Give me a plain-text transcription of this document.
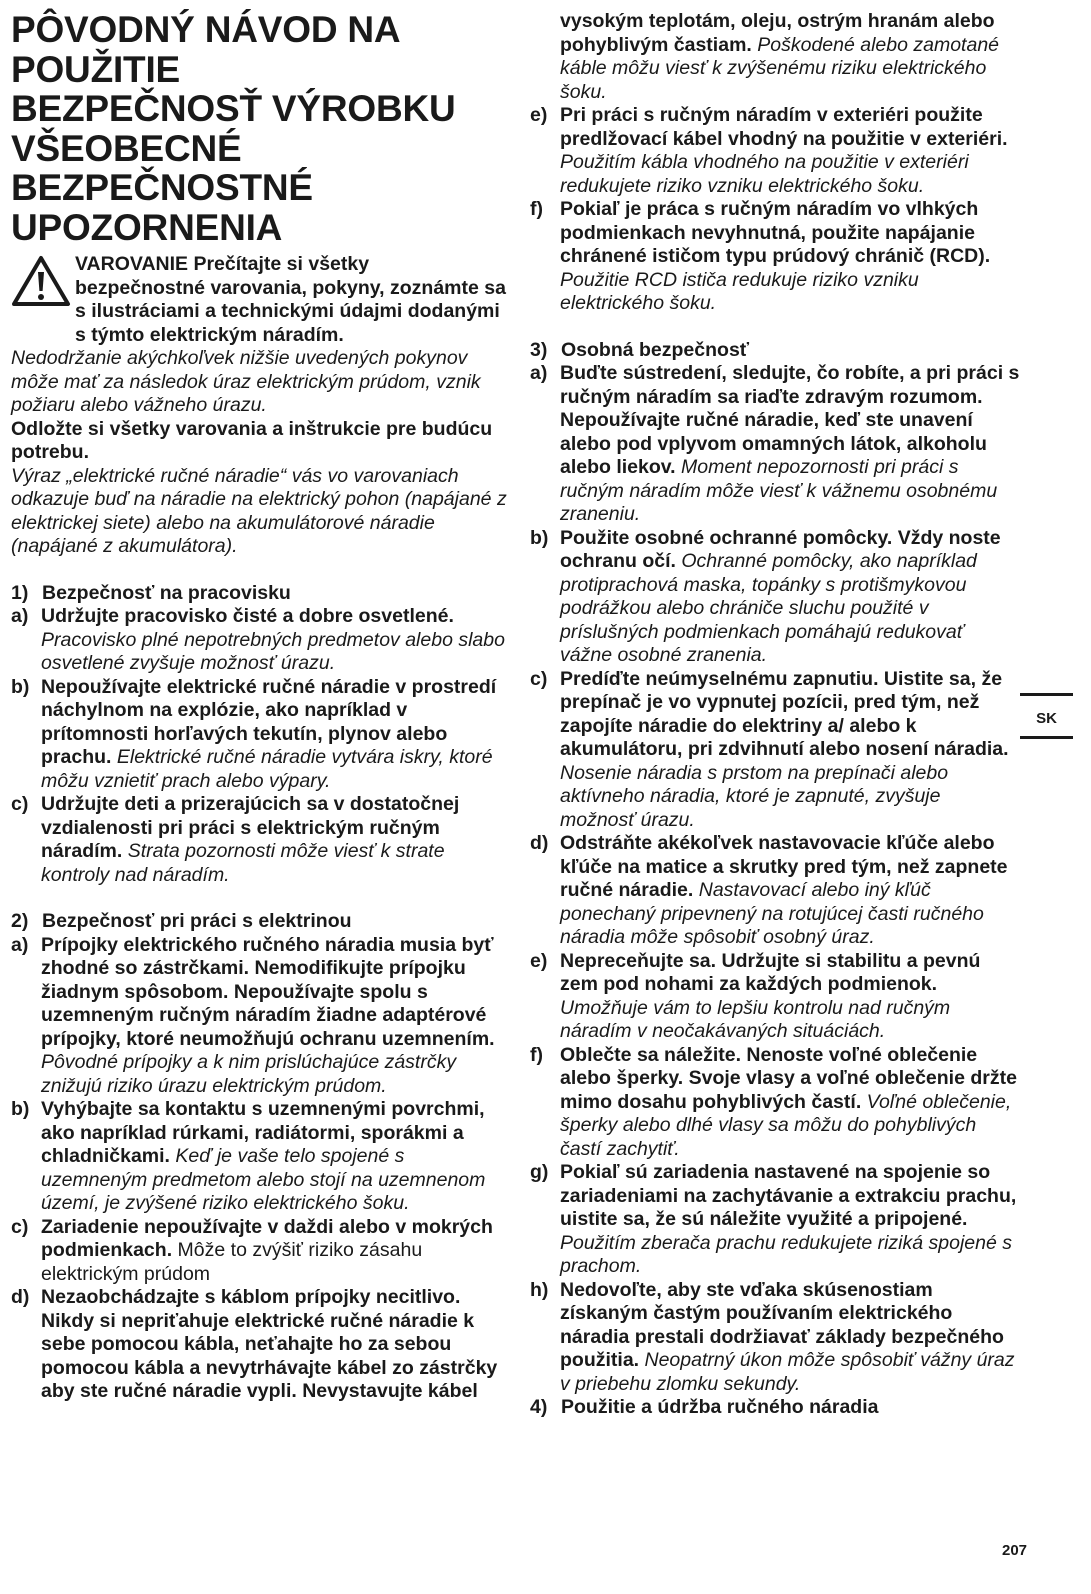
PÔVODNÝ NÁVOD NA
POUŽITIE
BEZPEČNOSŤ VÝROBKU
VŠEOBECNÉ
BEZPEČNOSTNÉ
UPOZORNENIA
VAROVANIE Prečítajte si všetky
bezpečnostné varovania, pokyny, zoznámte sa s ilustráciami a technickými údajmi dodanými s týmto elektrickým náradím.

Nedodržanie akýchkoľvek nižšie uvedených pokynov môže mať za následok úraz elektrickým prúdom, vznik požiaru alebo vážneho úrazu.

Odložte si všetky varovania a inštrukcie pre budúcu potrebu.

Výraz „elektrické ručné náradie“ vás vo varovaniach odkazuje buď na náradie na elektrický pohon (napájané z elektrickej siete) alebo na akumulátorové náradie (napájané z akumulátora).

1) Bezpečnosť na pracovisku
a) Udržujte pracovisko čisté a dobre osvetlené. Pracovisko plné nepotrebných predmetov alebo slabo osvetlené zvyšuje možnosť úrazu.
b) Nepoužívajte elektrické ručné náradie v prostredí náchylnom na explózie, ako napríklad v prítomnosti horľavých tekutín, plynov alebo prachu. Elektrické ručné náradie vytvára iskry, ktoré môžu vznietiť prach alebo výpary.
c) Udržujte deti a prizerajúcich sa v dostatočnej vzdialenosti pri práci s elektrickým ručným náradím. Strata pozornosti môže viesť k strate kontroly nad náradím.
2) Bezpečnosť pri práci s elektrinou
a) Prípojky elektrického ručného náradia musia byť zhodné so zástrčkami. Nemodifikujte prípojku žiadnym spôsobom. Nepoužívajte spolu s uzemneným ručným náradím žiadne adaptérové prípojky, ktoré neumožňujú ochranu uzemnením. Pôvodné prípojky a k nim prislúchajúce zástrčky znižujú riziko úrazu elektrickým prúdom.
b) Vyhýbajte sa kontaktu s uzemnenými povrchmi, ako napríklad rúrkami, radiátormi, sporákmi a chladničkami. Keď je vaše telo spojené s uzemneným predmetom alebo stojí na uzemnenom území, je zvýšené riziko elektrického šoku.
c) Zariadenie nepoužívajte v daždi alebo v mokrých podmienkach. Môže to zvýšiť riziko zásahu elektrickým prúdom
d) Nezaobchádzajte s káblom prípojky necitlivo. Nikdy si nepriťahuje elektrické ručné náradie k sebe pomocou kábla, neťahajte ho za sebou pomocou kábla a nevytrhávajte kábel zo zástrčky aby ste ručné náradie vypli. Nevystavujte kábel
vysokým teplotám, oleju, ostrým hranám alebo pohyblivým častiam. Poškodené alebo zamotané káble môžu viesť k zvýšenému riziku elektrického šoku.
e) Pri práci s ručným náradím v exteriéri použite predlžovací kábel vhodný na použitie v exteriéri. Použitím kábla vhodného na použitie v exteriéri redukujete riziko vzniku elektrického šoku.
f) Pokiaľ je práca s ručným náradím vo vlhkých podmienkach nevyhnutná, použite napájanie chránené ističom typu prúdový chránič (RCD). Použitie RCD ističa redukuje riziko vzniku elektrického šoku.
3) Osobná bezpečnosť
a) Buďte sústredení, sledujte, čo robíte, a pri práci s ručným náradím sa riaďte zdravým rozumom. Nepoužívajte ručné náradie, keď ste unavení alebo pod vplyvom omamných látok, alkoholu alebo liekov. Moment nepozornosti pri práci s ručným náradím môže viesť k vážnemu osobnému zraneniu.
b) Použite osobné ochranné pomôcky. Vždy noste ochranu očí. Ochranné pomôcky, ako napríklad protiprachová maska, topánky s protišmykovou podrážkou alebo chrániče sluchu použité v príslušných podmienkach pomáhajú redukovať vážne osobné zranenia.
c) Predíďte neúmyselnému zapnutiu. Uistite sa, že prepínač je vo vypnutej pozícii, pred tým, než zapojíte náradie do elektriny a/ alebo k akumulátoru, pri zdvihnutí alebo nosení náradia. Nosenie náradia s prstom na prepínači alebo aktívneho náradia, ktoré je zapnuté, zvyšuje možnosť úrazu.
d) Odstráňte akékoľvek nastavovacie kľúče alebo kľúče na matice a skrutky pred tým, než zapnete ručné náradie. Nastavovací alebo iný kľúč ponechaný pripevnený na rotujúcej časti ručného náradia môže spôsobiť osobný úraz.
e) Nepreceňujte sa. Udržujte si stabilitu a pevnú zem pod nohami za každých podmienok. Umožňuje vám to lepšiu kontrolu nad ručným náradím v neočakávaných situáciách.
f) Oblečte sa náležite. Nenoste voľné oblečenie alebo šperky. Svoje vlasy a voľné oblečenie držte mimo dosahu pohyblivých častí. Voľné oblečenie, šperky alebo dlhé vlasy sa môžu do pohyblivých častí zachytiť.
g) Pokiaľ sú zariadenia nastavené na spojenie so zariadeniami na zachytávanie a extrakciu prachu, uistite sa, že sú náležite využité a pripojené. Použitím zberača prachu redukujete riziká spojené s prachom.
h) Nedovoľte, aby ste vďaka skúsenostiam získaným častým používaním elektrického náradia prestali dodržiavať základy bezpečného použitia. Neopatrný úkon môže spôsobiť vážny úraz v priebehu zlomku sekundy.
4) Použitie a údržba ručného náradia
SK
207
